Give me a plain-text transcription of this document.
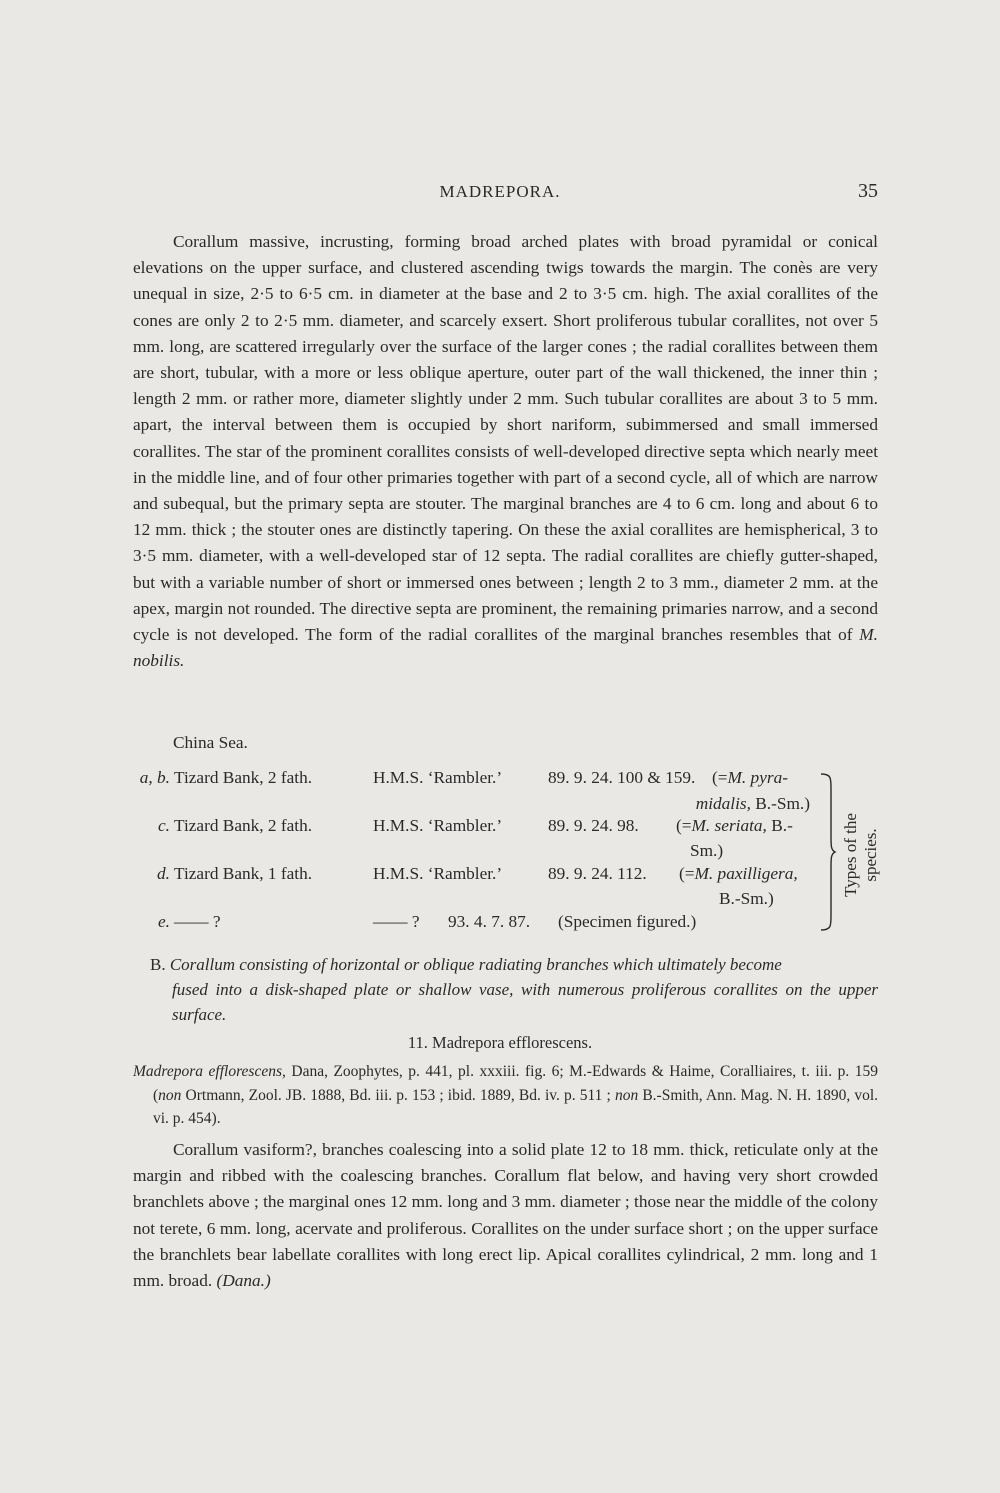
MADREPORA.	35

Corallum massive, incrusting, forming broad arched plates with broad pyramidal or conical elevations on the upper surface, and clustered ascending twigs towards the margin. The conès are very unequal in size, 2·5 to 6·5 cm. in diameter at the base and 2 to 3·5 cm. high. The axial corallites of the cones are only 2 to 2·5 mm. diameter, and scarcely exsert. Short proliferous tubular corallites, not over 5 mm. long, are scattered irregularly over the surface of the larger cones ; the radial corallites between them are short, tubular, with a more or less oblique aperture, outer part of the wall thickened, the inner thin ; length 2 mm. or rather more, diameter slightly under 2 mm. Such tubular corallites are about 3 to 5 mm. apart, the interval between them is occupied by short nariform, subimmersed and small immersed corallites. The star of the prominent corallites consists of well-developed directive septa which nearly meet in the middle line, and of four other primaries together with part of a second cycle, all of which are narrow and subequal, but the primary septa are stouter. The marginal branches are 4 to 6 cm. long and about 6 to 12 mm. thick ; the stouter ones are distinctly tapering. On these the axial corallites are hemispherical, 3 to 3·5 mm. diameter, with a well-developed star of 12 septa. The radial corallites are chiefly gutter-shaped, but with a variable number of short or immersed ones between ; length 2 to 3 mm., diameter 2 mm. at the apex, margin not rounded. The directive septa are prominent, the remaining primaries narrow, and a second cycle is not developed. The form of the radial corallites of the marginal branches resembles that of M. nobilis.

China Sea.
a, b. Tizard Bank, 2 fath.	H.M.S. ‘Rambler.’	89. 9. 24. 100 & 159. (=M. pyra-
midalis, B.-Sm.)
c. Tizard Bank, 2 fath.	H.M.S. ‘Rambler.’	89. 9. 24. 98. (=M. seriata, B.-
Sm.)
d. Tizard Bank, 1 fath.	H.M.S. ‘Rambler.’	89. 9. 24. 112. (=M. paxilligera,
B.-Sm.)
e. —— ?	—— ? 93. 4. 7. 87. (Specimen figured.)
Types of the species.

B. Corallum consisting of horizontal or oblique radiating branches which ultimately become
fused into a disk-shaped plate or shallow vase, with numerous proliferous corallites on the upper surface.

11. Madrepora efflorescens.

Madrepora efflorescens, Dana, Zoophytes, p. 441, pl. xxxiii. fig. 6; M.-Edwards & Haime, Coralliaires, t. iii. p. 159 (non Ortmann, Zool. JB. 1888, Bd. iii. p. 153 ; ibid. 1889, Bd. iv. p. 511 ; non B.-Smith, Ann. Mag. N. H. 1890, vol. vi. p. 454).

Corallum vasiform?, branches coalescing into a solid plate 12 to 18 mm. thick, reticulate only at the margin and ribbed with the coalescing branches. Corallum flat below, and having very short crowded branchlets above ; the marginal ones 12 mm. long and 3 mm. diameter ; those near the middle of the colony not terete, 6 mm. long, acervate and proliferous. Corallites on the under surface short ; on the upper surface the branchlets bear labellate corallites with long erect lip. Apical corallites cylindrical, 2 mm. long and 1 mm. broad. (Dana.)
